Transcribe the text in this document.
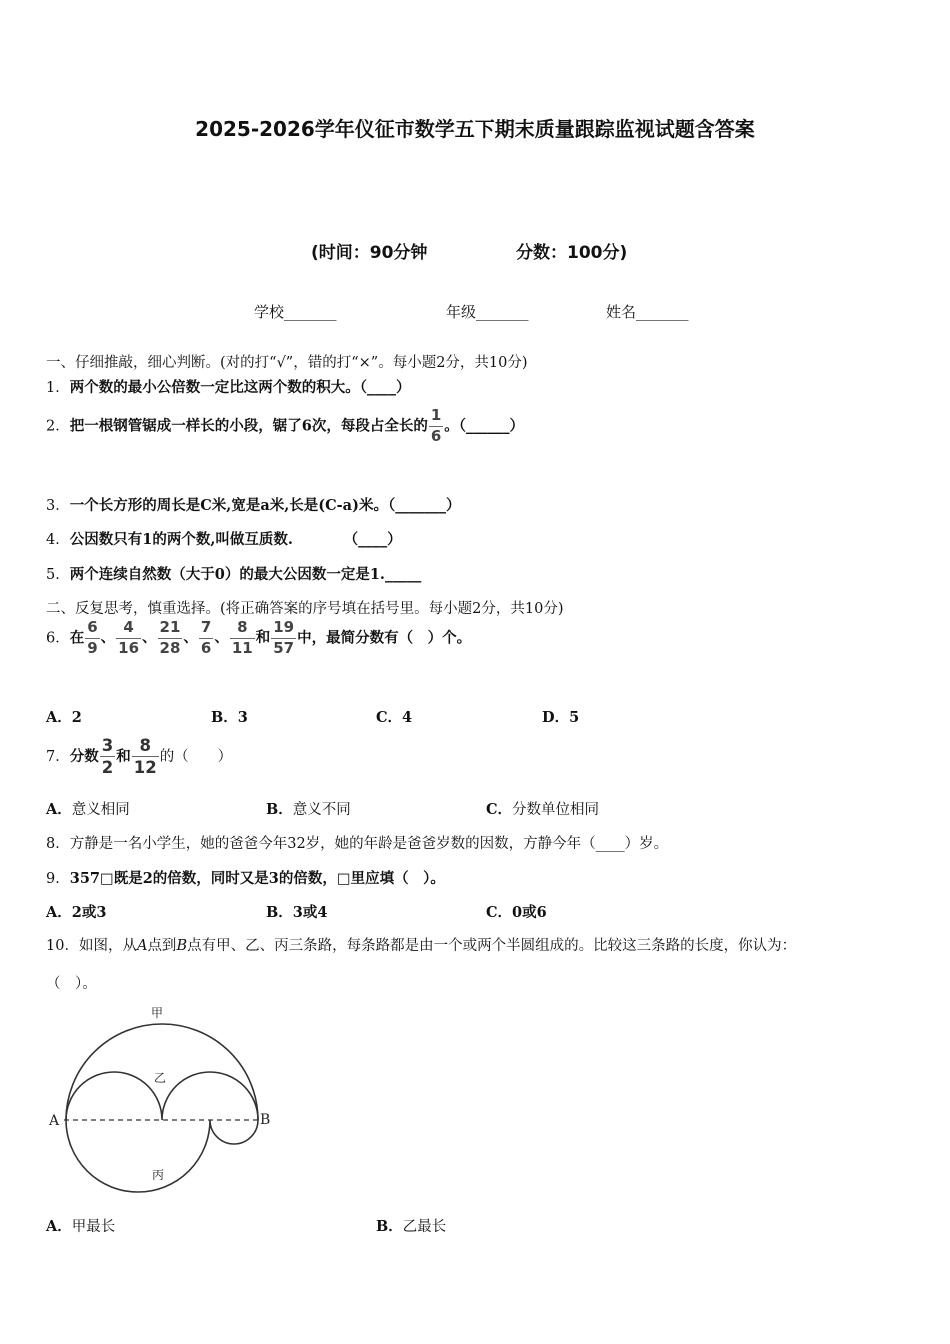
2025-2026学年仪征市数学五下期末质量跟踪监视试题含答案
(时间：90分钟	分数：100分)
学校_______	年级_______	姓名_______
一、仔细推敲，细心判断。(对的打“√”，错的打“×”。每小题2分，共10分)
1．两个数的最小公倍数一定比这两个数的积大。（____）
2．把一根钢管锯成一样长的小段，锯了6次，每段占全长的 $\frac{1}{6}$ 。（______）
3．一个长方形的周长是C米,宽是a米,长是(C-a)米。（_______）
4．公因数只有1的两个数,叫做互质数.　　　　（____）
5．两个连续自然数（大于0）的最大公因数一定是1._____
二、反复思考，慎重选择。(将正确答案的序号填在括号里。每小题2分，共10分)
6．在 $\frac{6}{9}$ 、 $\frac{4}{16}$ 、 $\frac{21}{28}$ 、 $\frac{7}{6}$ 、 $\frac{8}{11}$ 和 $\frac{19}{57}$ 中，最简分数有（　）个。
A．2	B．3	C．4	D．5
7．分数 $\frac{3}{2}$ 和 $\frac{8}{12}$ 的（　　）
A．意义相同	B．意义不同	C．分数单位相同
8．方静是一名小学生，她的爸爸今年32岁，她的年龄是爸爸岁数的因数，方静今年（____）岁。
9．357□既是2的倍数，同时又是3的倍数，□里应填（　）。
A．2或3	B．3或4	C．0或6
10．如图，从A点到B点有甲、乙、丙三条路，每条路都是由一个或两个半圆组成的。比较这三条路的长度，你认为：
（　）。
A	B
甲
乙
丙
A．甲最长	B．乙最长
